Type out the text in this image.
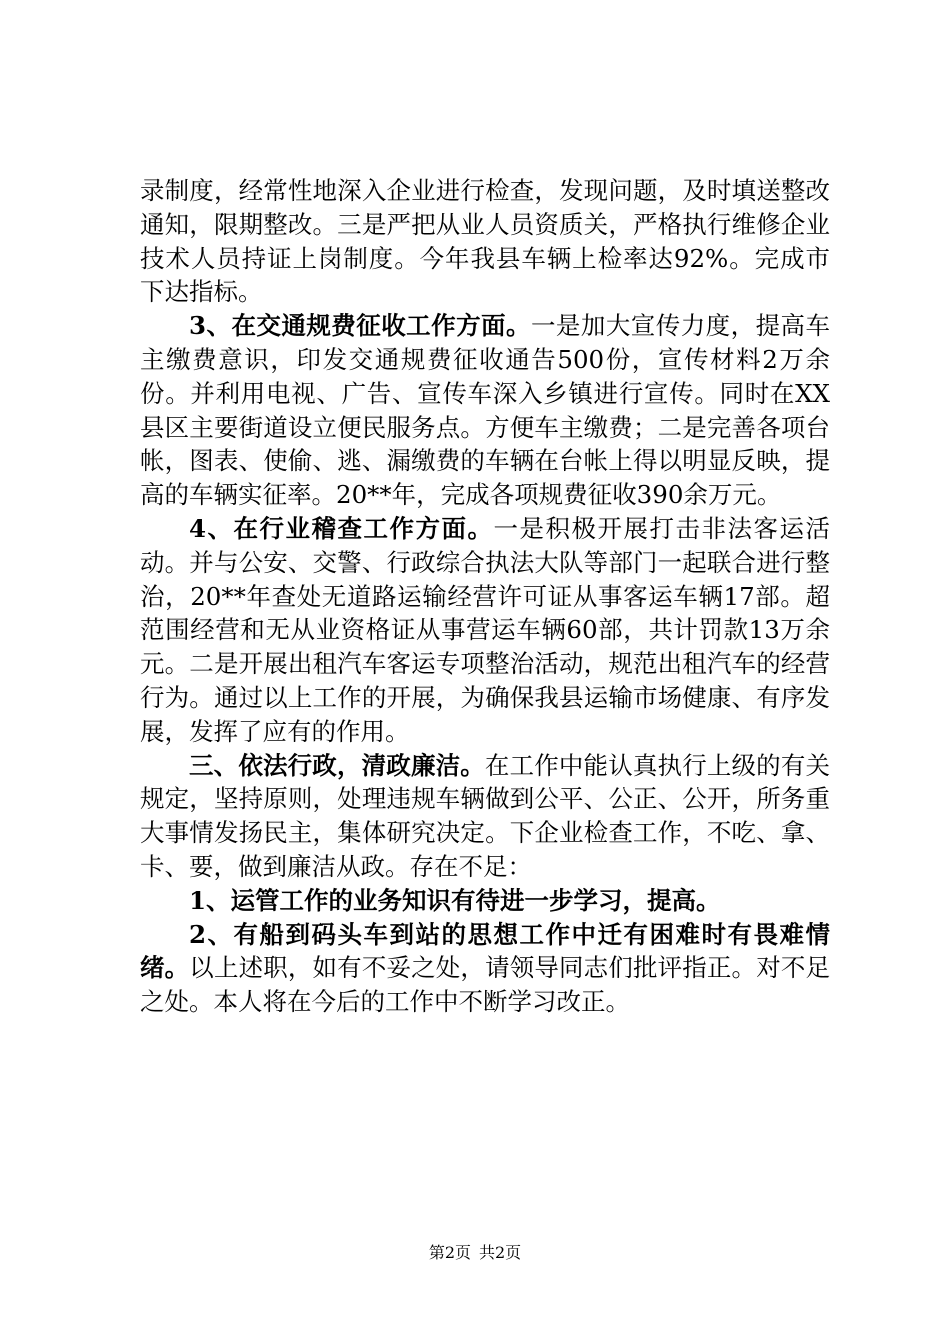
录制度，经常性地深入企业进行检查，发现问题，及时填送整改通知，限期整改。三是严把从业人员资质关，严格执行维修企业技术人员持证上岗制度。今年我县车辆上检率达92%。完成市下达指标。

3、在交通规费征收工作方面。一是加大宣传力度，提高车主缴费意识，印发交通规费征收通告500份，宣传材料2万余份。并利用电视、广告、宣传车深入乡镇进行宣传。同时在XX县区主要街道设立便民服务点。方便车主缴费；二是完善各项台帐，图表、使偷、逃、漏缴费的车辆在台帐上得以明显反映，提高的车辆实征率。20**年，完成各项规费征收390余万元。

4、在行业稽查工作方面。一是积极开展打击非法客运活动。并与公安、交警、行政综合执法大队等部门一起联合进行整治，20**年查处无道路运输经营许可证从事客运车辆17部。超范围经营和无从业资格证从事营运车辆60部，共计罚款13万余元。二是开展出租汽车客运专项整治活动，规范出租汽车的经营行为。通过以上工作的开展，为确保我县运输市场健康、有序发展，发挥了应有的作用。

三、依法行政，清政廉洁。在工作中能认真执行上级的有关规定，坚持原则，处理违规车辆做到公平、公正、公开，所务重大事情发扬民主，集体研究决定。下企业检查工作，不吃、拿、卡、要，做到廉洁从政。存在不足：

1、运管工作的业务知识有待进一步学习，提高。

2、有船到码头车到站的思想工作中迁有困难时有畏难情绪。以上述职，如有不妥之处，请领导同志们批评指正。对不足之处。本人将在今后的工作中不断学习改正。

第2页 共2页
